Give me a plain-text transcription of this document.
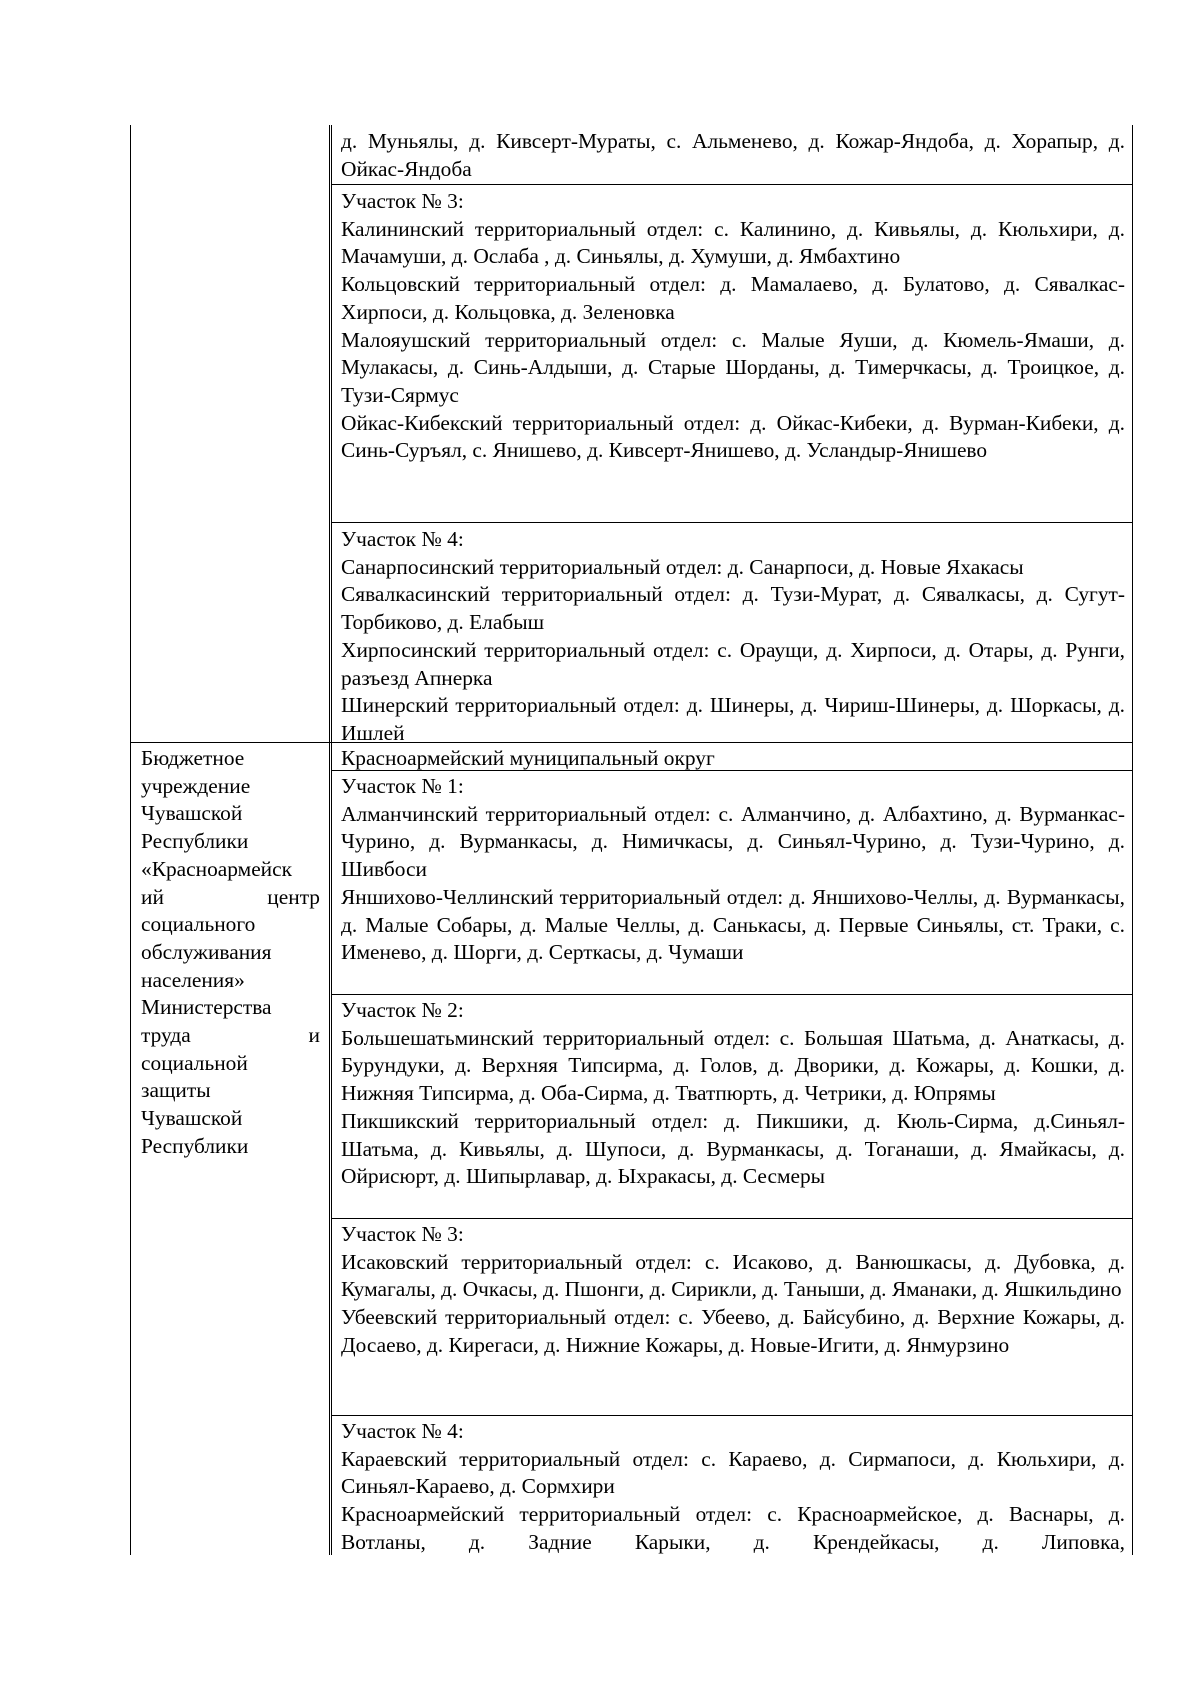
д. Муньялы, д. Кивсерт-Мураты, с. Альменево, д. Кожар-Яндоба, д. Хорапыр, д. Ойкас-Яндоба
Участок № 3:
Калининский территориальный отдел: с. Калинино, д. Кивьялы, д. Кюльхири, д. Мачамуши, д. Ослаба , д. Синьялы, д. Хумуши, д. Ямбахтино
Кольцовский территориальный отдел: д. Мамалаево, д. Булатово, д. Сявалкас-Хирпоси, д. Кольцовка, д. Зеленовка
Малояушский территориальный отдел: с. Малые Яуши, д. Кюмель-Ямаши, д. Мулакасы, д. Синь-Алдыши, д. Старые Шорданы, д. Тимерчкасы, д. Троицкое, д. Тузи-Сярмус
Ойкас-Кибекский территориальный отдел: д. Ойкас-Кибеки, д. Вурман-Кибеки, д. Синь-Суръял, с. Янишево, д. Кивсерт-Янишево, д. Усландыр-Янишево
Участок № 4:
Санарпосинский территориальный отдел: д. Санарпоси, д. Новые Яхакасы
Сявалкасинский территориальный отдел: д. Тузи-Мурат, д. Сявалкасы, д. Сугут-Торбиково, д. Елабыш
Хирпосинский территориальный отдел: с. Ораущи, д. Хирпоси, д. Отары, д. Рунги, разъезд Апнерка
Шинерский территориальный отдел: д. Шинеры, д. Чириш-Шинеры, д. Шоркасы, д. Ишлей
Бюджетное
учреждение
Чувашской
Республики
«Красноармейск
ий центр
социального
обслуживания
населения»
Министерства
труда и
социальной
защиты
Чувашской
Республики
Красноармейский муниципальный округ
Участок № 1:
Алманчинский территориальный отдел: с. Алманчино, д. Албахтино, д. Вурманкас-Чурино, д. Вурманкасы, д. Нимичкасы, д. Синьял-Чурино, д. Тузи-Чурино, д. Шивбоси
Яншихово-Челлинский территориальный отдел: д. Яншихово-Челлы, д. Вурманкасы, д. Малые Собары, д. Малые Челлы, д. Санькасы, д. Первые Синьялы, ст. Траки, с. Именево, д. Шорги, д. Серткасы, д. Чумаши
Участок № 2:
Большешатьминский территориальный отдел: с. Большая Шатьма, д. Анаткасы, д. Бурундуки, д. Верхняя Типсирма, д. Голов, д. Дворики, д. Кожары, д. Кошки, д. Нижняя Типсирма, д. Оба-Сирма, д. Тватпюрть, д. Четрики, д. Юпрямы
Пикшикский территориальный отдел: д. Пикшики, д. Кюль-Сирма, д.Синьял-Шатьма, д. Кивьялы, д. Шупоси, д. Вурманкасы, д. Тоганаши, д. Ямайкасы, д. Ойрисюрт, д. Шипырлавар, д. Ыхракасы, д. Сесмеры
Участок № 3:
Исаковский территориальный отдел: с. Исаково, д. Ванюшкасы, д. Дубовка, д. Кумагалы, д. Очкасы, д. Пшонги, д. Сирикли, д. Таныши, д. Яманаки, д. Яшкильдино
Убеевский территориальный отдел: с. Убеево, д. Байсубино, д. Верхние Кожары, д. Досаево, д. Кирегаси, д. Нижние Кожары, д. Новые-Игити, д. Янмурзино
Участок № 4:
Караевский территориальный отдел: с. Караево, д. Сирмапоси, д. Кюльхири, д. Синьял-Караево, д. Сормхири
Красноармейский территориальный отдел: с. Красноармейское, д. Васнары, д. Вотланы, д. Задние Карыки, д. Крендейкасы, д. Липовка,
